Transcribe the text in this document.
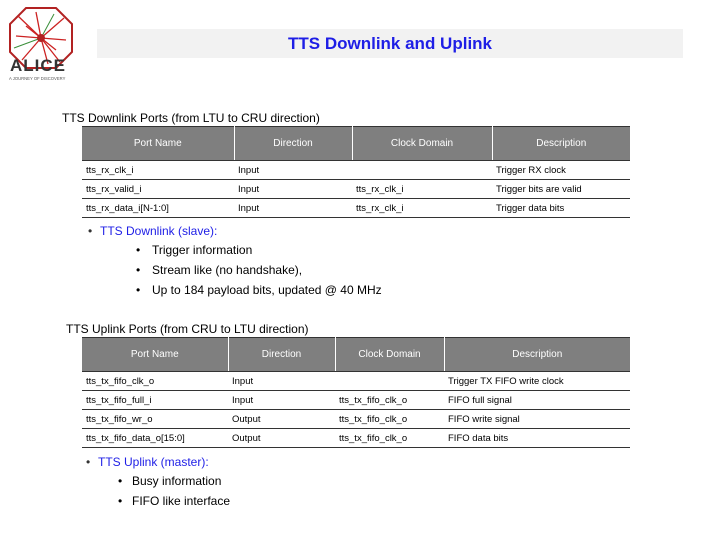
ALICE
A JOURNEY OF DISCOVERY
TTS Downlink and Uplink
TTS Downlink Ports (from LTU to CRU direction)
Port Name	Direction	Clock Domain	Description
tts_rx_clk_i	Input		Trigger RX clock
tts_rx_valid_i	Input	tts_rx_clk_i	Trigger bits are valid
tts_rx_data_i[N-1:0]	Input	tts_rx_clk_i	Trigger data bits
• TTS Downlink (slave):
• Trigger information
• Stream like (no handshake),
• Up to 184 payload bits, updated @ 40 MHz
TTS Uplink Ports (from CRU to LTU direction)
Port Name	Direction	Clock Domain	Description
tts_tx_fifo_clk_o	Input		Trigger TX FIFO write clock
tts_tx_fifo_full_i	Input	tts_tx_fifo_clk_o	FIFO full signal
tts_tx_fifo_wr_o	Output	tts_tx_fifo_clk_o	FIFO write signal
tts_tx_fifo_data_o[15:0]	Output	tts_tx_fifo_clk_o	FIFO data bits
• TTS Uplink (master):
• Busy information
• FIFO like interface
